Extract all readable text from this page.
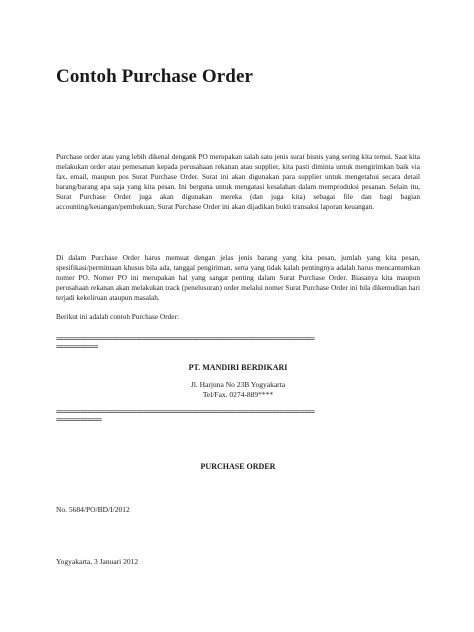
Contoh Purchase Order

Purchase order atau yang lebih dikenal dengank PO merupakan salah satu jenis surat bisnis yang sering kita temui. Saat kita melakukan order atau pemesanan kepada perusahaan rekanan atau supplier, kita pasti diminta untuk mengirimkan baik via fax, email, maupun pos Surat Purchase Order. Surat ini akan digunakan para supplier untuk mengetahui secara detail barang/barang apa saja yang kita pesan. Ini berguna untuk mengatasi kesalahan dalam memproduksi pesanan. Selain itu, Surat Purchase Order juga akan digunakan mereka (dan juga kita) sebagai file dan bagi bagian accounting/keuangan/pembukuan, Surat Purchase Order ini akan dijadikan bukti transaksi laporan keuangan.

Di dalam Purchase Order harus memuat dengan jelas jenis barang yang kita pesan, jumlah yang kita pesan, spesifikasi/permintaan khusus bila ada, tanggal pengiriman, serta yang tidak kalah pentingnya adalah harus mencantumkan nomer PO. Nomer PO ini merupakan hal yang sangat penting dalam Surat Purchase Order. Biasanya kita maupun perusahaan rekanan akan melakukan track (penelusuran) order melalui nomer Surat Purchase Order ini bila dikemudian hari terjadi kekeliruan ataupun masalah.

Berikut ini adalah contoh Purchase Order:

==========================================================================
============

PT. MANDIRI BERDIKARI

Jl. Harjuna No 23B Yogyakarta

Tel/Fax. 0274-889****

==========================================================================
=============

PURCHASE ORDER

No. 5684/PO/BD/I/2012

Yogyakarta, 3 Januari 2012
